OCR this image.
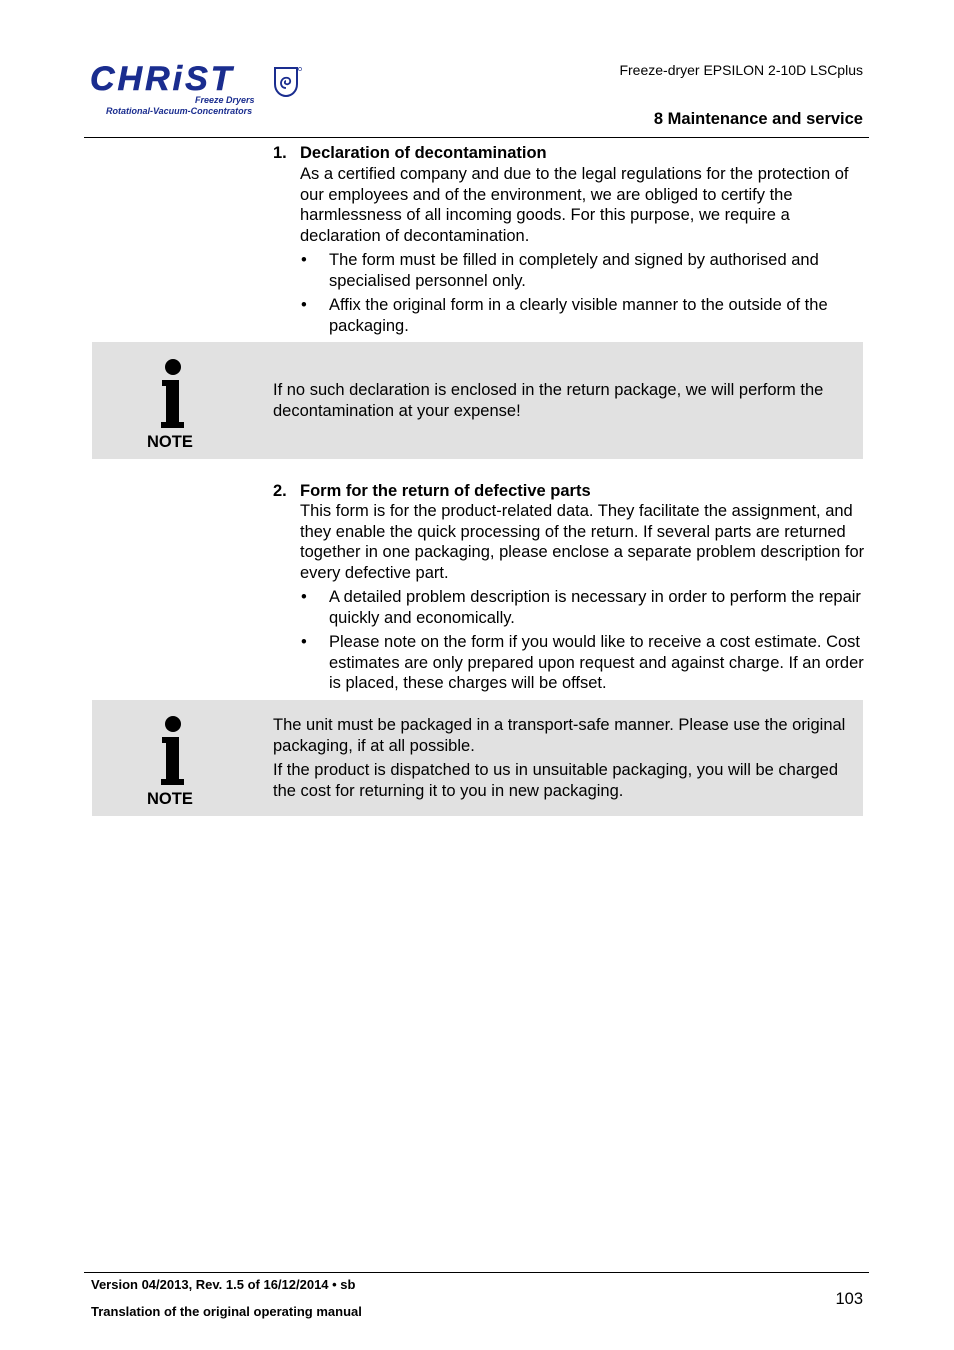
CHRiST
Freeze Dryers
Rotational-Vacuum-Concentrators
Freeze-dryer EPSILON 2-10D LSCplus
8 Maintenance and service
1. Declaration of decontamination
As a certified company and due to the legal regulations for the protection of our employees and of the environment, we are obliged to certify the harmlessness of all incoming goods. For this purpose, we require a declaration of decontamination.
• The form must be filled in completely and signed by authorised and specialised personnel only.
• Affix the original form in a clearly visible manner to the outside of the packaging.
NOTE

If no such declaration is enclosed in the return package, we will perform the decontamination at your expense!

2. Form for the return of defective parts
This form is for the product-related data. They facilitate the assignment, and they enable the quick processing of the return. If several parts are returned together in one packaging, please enclose a separate problem description for every defective part.
• A detailed problem description is necessary in order to perform the repair quickly and economically.
• Please note on the form if you would like to receive a cost estimate. Cost estimates are only prepared upon request and against charge. If an order is placed, these charges will be offset.
NOTE

The unit must be packaged in a transport-safe manner. Please use the original packaging, if at all possible.

If the product is dispatched to us in unsuitable packaging, you will be charged the cost for returning it to you in new packaging.

Version 04/2013, Rev. 1.5 of 16/12/2014 • sb
Translation of the original operating manual
103
